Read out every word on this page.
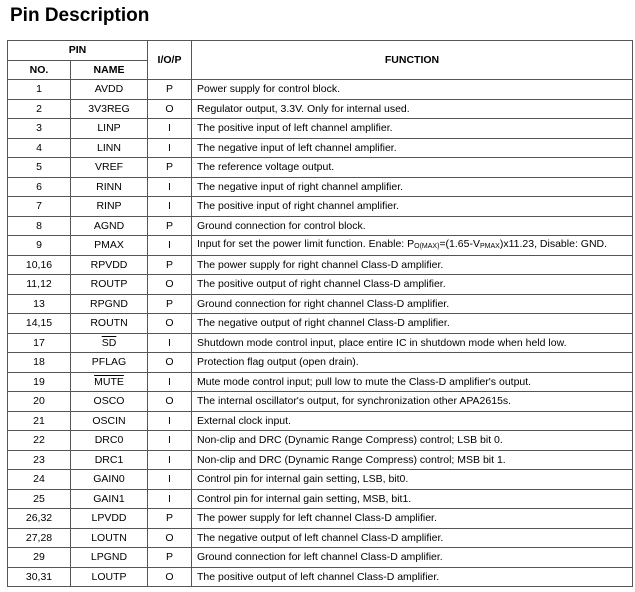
Pin Description
PIN		I/O/P	FUNCTION
NO.	NAME		
1	AVDD	P	Power supply for control block.
2	3V3REG	O	Regulator output, 3.3V. Only for internal used.
3	LINP	I	The positive input of left channel amplifier.
4	LINN	I	The negative input of left channel amplifier.
5	VREF	P	The reference voltage output.
6	RINN	I	The negative input of right channel amplifier.
7	RINP	I	The positive input of right channel amplifier.
8	AGND	P	Ground connection for control block.
9	PMAX	I	Input for set the power limit function. Enable: PO(MAX)=(1.65-VPMAX)x11.23, Disable: GND.
10,16	RPVDD	P	The power supply for right channel Class-D amplifier.
11,12	ROUTP	O	The positive output of right channel Class-D amplifier.
13	RPGND	P	Ground connection for right channel Class-D amplifier.
14,15	ROUTN	O	The negative output of right channel Class-D amplifier.
17	$\overline{SD}$	I	Shutdown mode control input, place entire IC in shutdown mode when held low.
18	PFLAG	O	Protection flag output (open drain).
19	MUTE	I	Mute mode control input; pull low to mute the Class-D amplifier's output.
20	OSCO	O	The internal oscillator's output, for synchronization other APA2615s.
21	OSCIN	I	External clock input.
22	DRC0	I	Non-clip and DRC (Dynamic Range Compress) control; LSB bit 0.
23	DRC1	I	Non-clip and DRC (Dynamic Range Compress) control; MSB bit 1.
24	GAIN0	I	Control pin for internal gain setting, LSB, bit0.
25	GAIN1	I	Control pin for internal gain setting, MSB, bit1.
26,32	LPVDD	P	The power supply for left channel Class-D amplifier.
27,28	LOUTN	O	The negative output of left channel Class-D amplifier.
29	LPGND	P	Ground connection for left channel Class-D amplifier.
30,31	LOUTP	O	The positive output of left channel Class-D amplifier.
